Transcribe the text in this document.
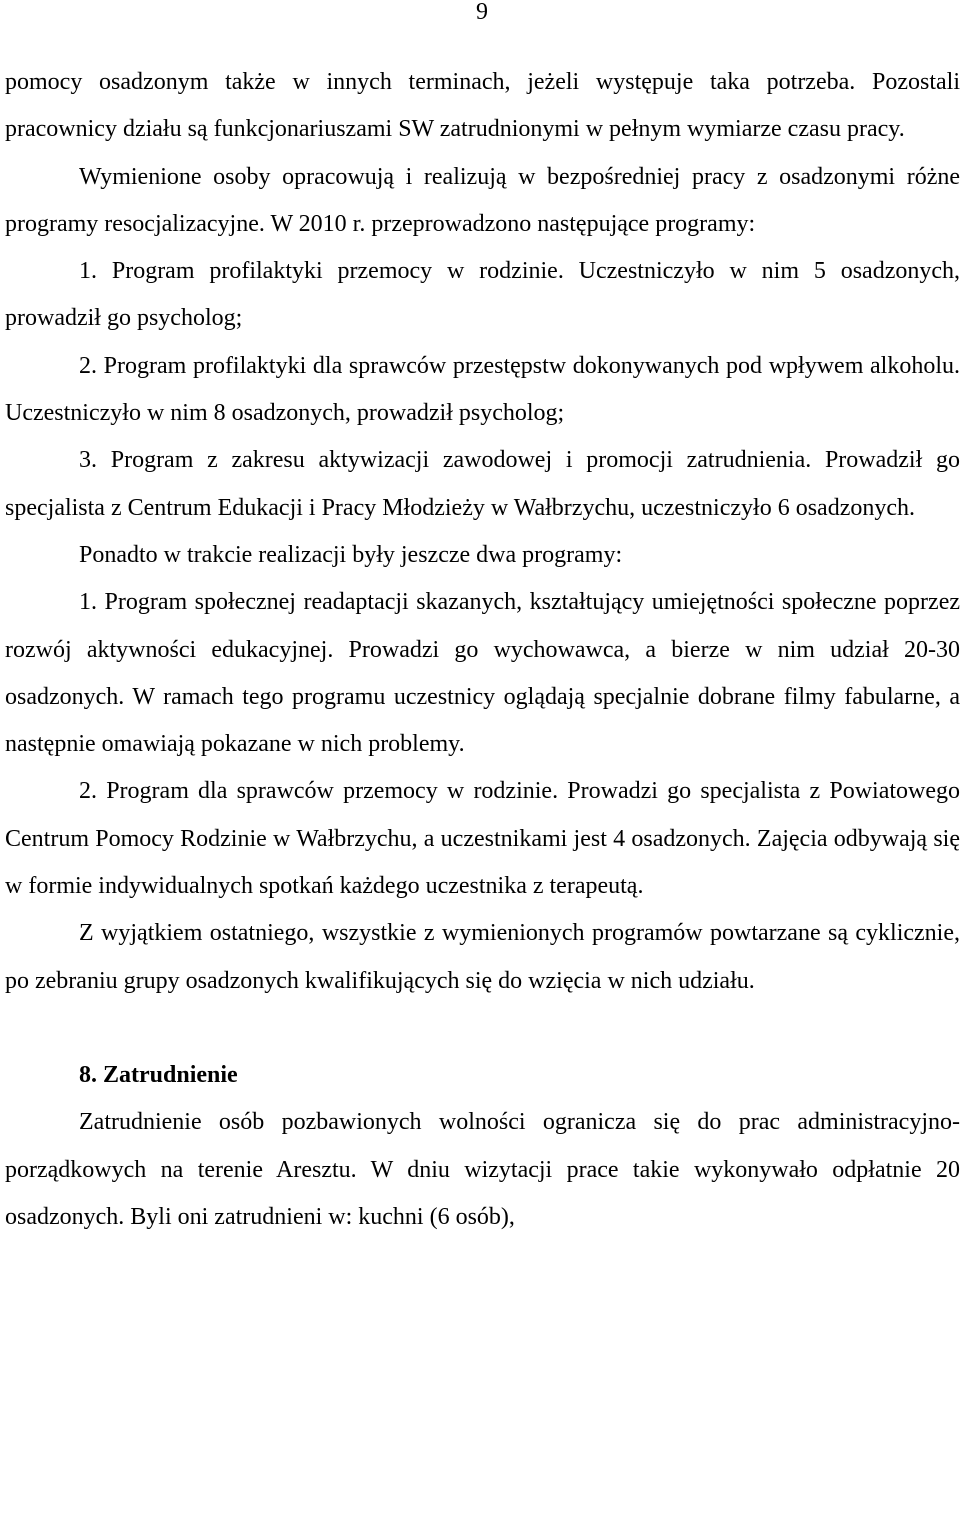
9

pomocy osadzonym także w innych terminach, jeżeli występuje taka potrzeba. Pozostali pracownicy działu są funkcjonariuszami SW zatrudnionymi w pełnym wymiarze czasu pracy.

Wymienione osoby opracowują i realizują w bezpośredniej pracy z osadzonymi różne programy resocjalizacyjne. W 2010 r. przeprowadzono następujące programy:

1. Program profilaktyki przemocy w rodzinie. Uczestniczyło w nim 5 osadzonych, prowadził go psycholog;

2. Program profilaktyki dla sprawców przestępstw dokonywanych pod wpływem alkoholu. Uczestniczyło w nim 8 osadzonych, prowadził psycholog;

3. Program z zakresu aktywizacji zawodowej i promocji zatrudnienia. Prowadził go specjalista z Centrum Edukacji i Pracy Młodzieży w Wałbrzychu, uczestniczyło 6 osadzonych.

Ponadto w trakcie realizacji były jeszcze dwa programy:

1. Program społecznej readaptacji skazanych, kształtujący umiejętności społeczne poprzez rozwój aktywności edukacyjnej. Prowadzi go wychowawca, a bierze w nim udział 20-30 osadzonych. W ramach tego programu uczestnicy oglądają specjalnie dobrane filmy fabularne, a następnie omawiają pokazane w nich problemy.

2. Program dla sprawców przemocy w rodzinie. Prowadzi go specjalista z Powiatowego Centrum Pomocy Rodzinie w Wałbrzychu, a uczestnikami jest 4 osadzonych. Zajęcia odbywają się w formie indywidualnych spotkań każdego uczestnika z terapeutą.

Z wyjątkiem ostatniego, wszystkie z wymienionych programów powtarzane są cyklicznie, po zebraniu grupy osadzonych kwalifikujących się do wzięcia w nich udziału.

8. Zatrudnienie

Zatrudnienie osób pozbawionych wolności ogranicza się do prac administracyjno-porządkowych na terenie Aresztu. W dniu wizytacji prace takie wykonywało odpłatnie 20 osadzonych. Byli oni zatrudnieni w: kuchni (6 osób),
